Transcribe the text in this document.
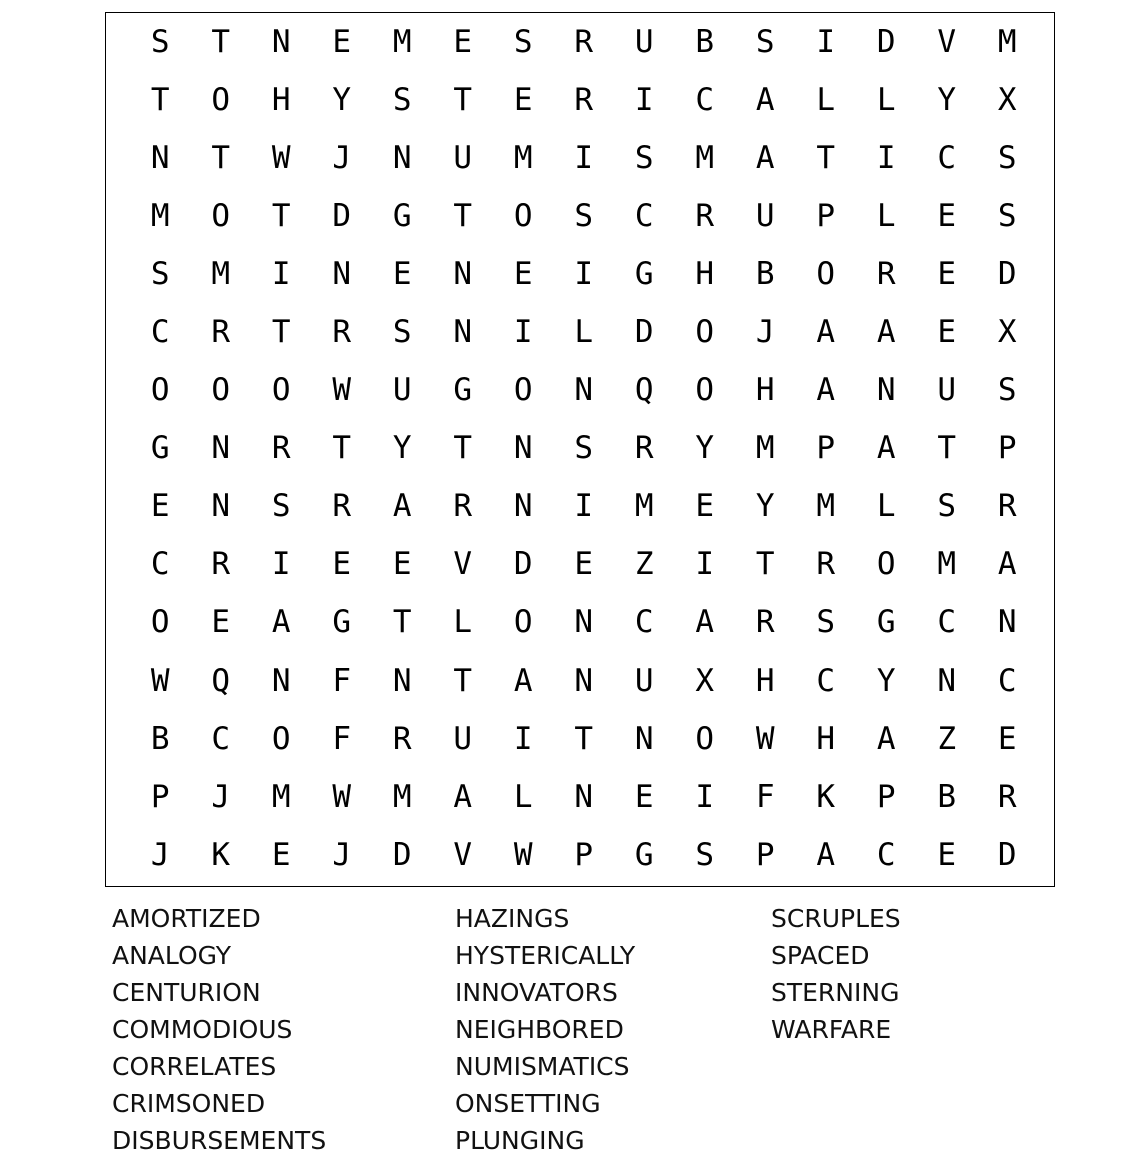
S	T	N	E	M	E	S	R	U	B	S	I	D	V	M
T	O	H	Y	S	T	E	R	I	C	A	L	L	Y	X
N	T	W	J	N	U	M	I	S	M	A	T	I	C	S
M	O	T	D	G	T	O	S	C	R	U	P	L	E	S
S	M	I	N	E	N	E	I	G	H	B	O	R	E	D
C	R	T	R	S	N	I	L	D	O	J	A	A	E	X
O	O	O	W	U	G	O	N	Q	O	H	A	N	U	S
G	N	R	T	Y	T	N	S	R	Y	M	P	A	T	P
E	N	S	R	A	R	N	I	M	E	Y	M	L	S	R
C	R	I	E	E	V	D	E	Z	I	T	R	O	M	A
O	E	A	G	T	L	O	N	C	A	R	S	G	C	N
W	Q	N	F	N	T	A	N	U	X	H	C	Y	N	C
B	C	O	F	R	U	I	T	N	O	W	H	A	Z	E
P	J	M	W	M	A	L	N	E	I	F	K	P	B	R
J	K	E	J	D	V	W	P	G	S	P	A	C	E	D
AMORTIZED
ANALOGY
CENTURION
COMMODIOUS
CORRELATES
CRIMSONED
DISBURSEMENTS
HAZINGS
HYSTERICALLY
INNOVATORS
NEIGHBORED
NUMISMATICS
ONSETTING
PLUNGING
SCRUPLES
SPACED
STERNING
WARFARE
